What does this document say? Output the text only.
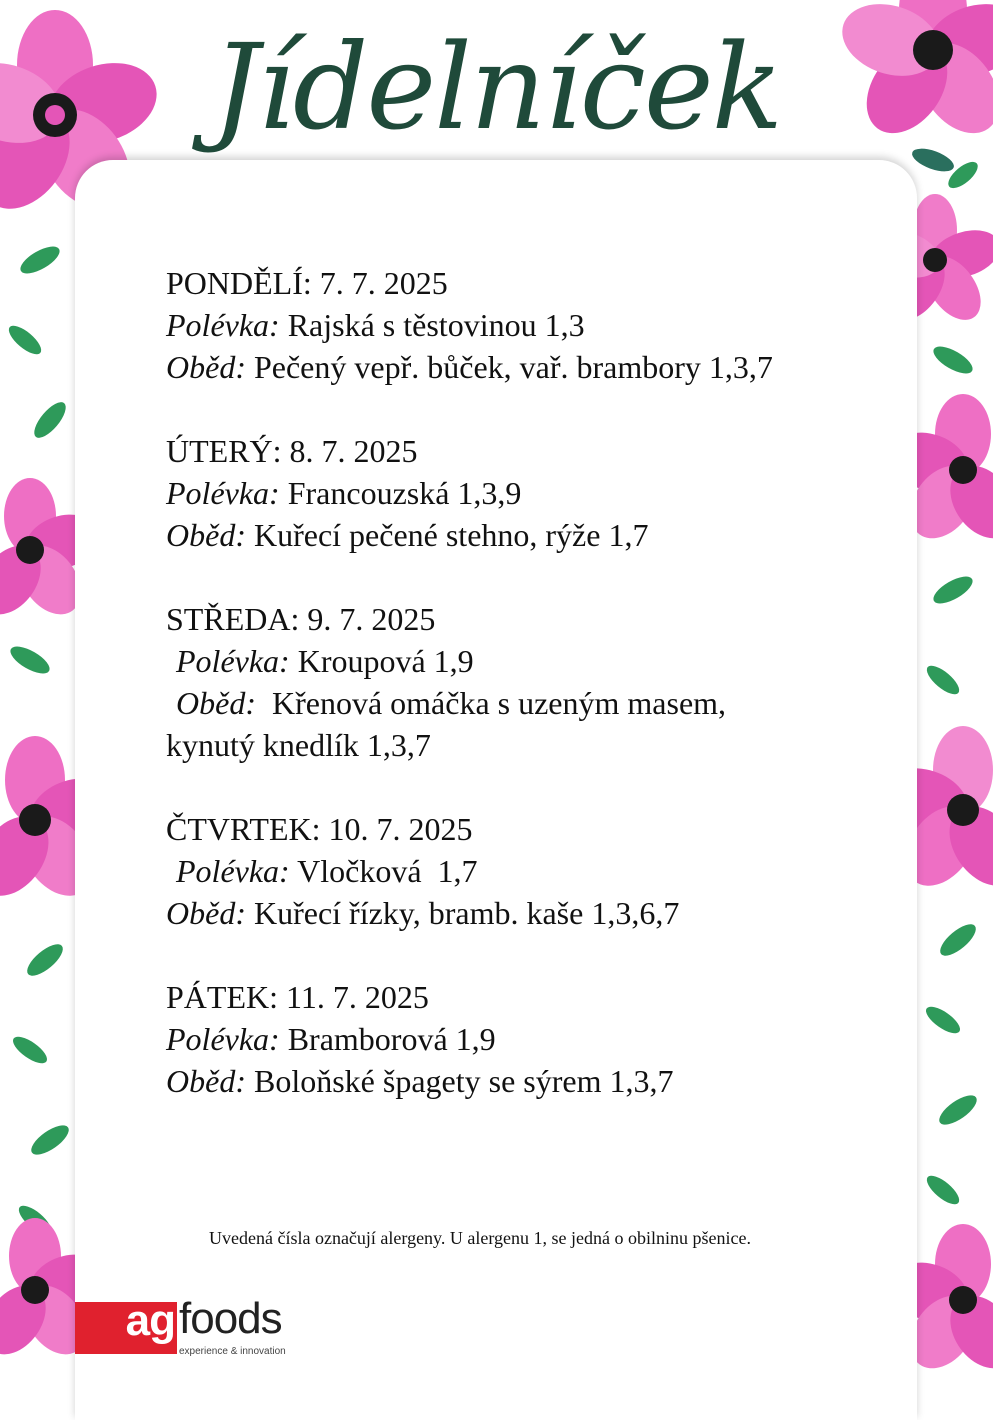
Jídelníček
PONDĚLÍ: 7. 7. 2025
Polévka: Rajská s těstovinou 1,3
Oběd: Pečený vepř. bůček, vař. brambory 1,3,7
ÚTERÝ: 8. 7. 2025
Polévka: Francouzská 1,3,9
Oběd: Kuřecí pečené stehno, rýže 1,7
STŘEDA: 9. 7. 2025
Polévka: Kroupová 1,9
Oběd:  Křenová omáčka s uzeným masem,
kynutý knedlík 1,3,7
ČTVRTEK: 10. 7. 2025
Polévka: Vločková  1,7
Oběd: Kuřecí řízky, bramb. kaše 1,3,6,7
PÁTEK: 11. 7. 2025
Polévka: Bramborová 1,9
Oběd: Boloňské špagety se sýrem 1,3,7
Uvedená čísla označují alergeny. U alergenu 1, se jedná o obilninu pšenice.
ag foods
experience & innovation
